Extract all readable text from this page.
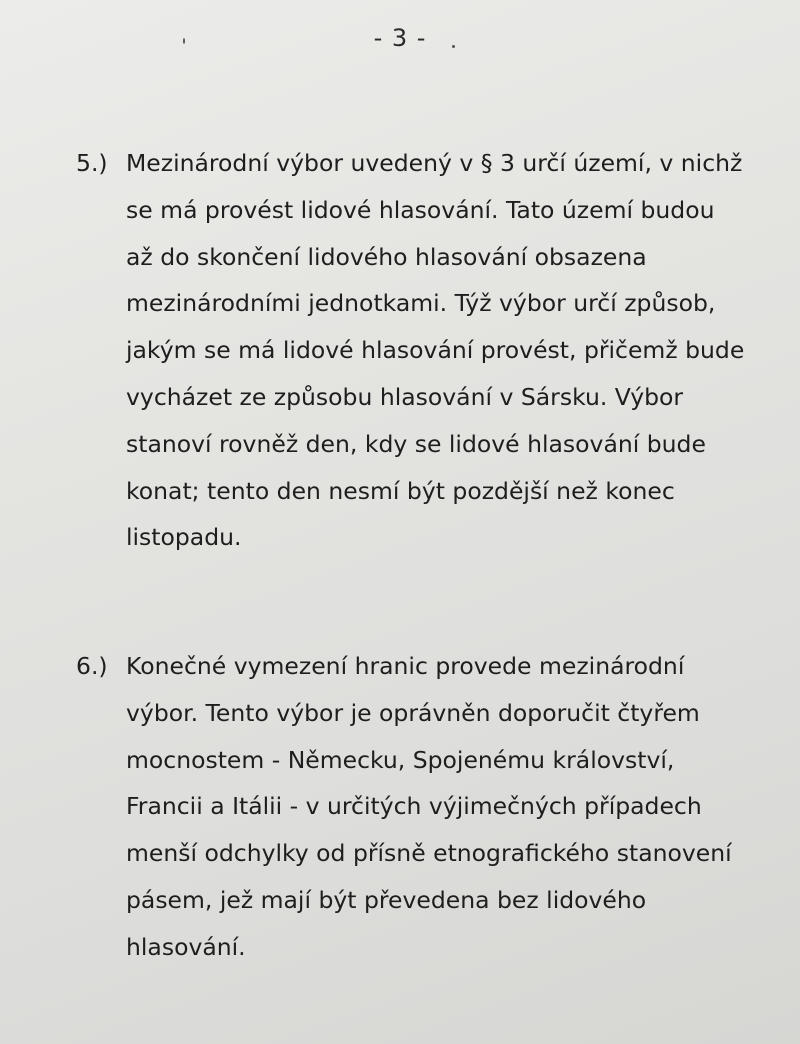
- 3 -
5.) Mezinárodní výbor uvedený v § 3 určí území, v nichž
se má provést lidové hlasování. Tato území budou
až do skončení lidového hlasování obsazena
mezinárodními jednotkami. Týž výbor určí způsob,
jakým se má lidové hlasování provést, přičemž bude
vycházet ze způsobu hlasování v Sársku. Výbor
stanoví rovněž den, kdy se lidové hlasování bude
konat; tento den nesmí být pozdější než konec
listopadu.
6.) Konečné vymezení hranic provede mezinárodní
výbor. Tento výbor je oprávněn doporučit čtyřem
mocnostem - Německu, Spojenému království,
Francii a Itálii - v určitých výjimečných případech
menší odchylky od přísně etnografického stanovení
pásem, jež mají být převedena bez lidového
hlasování.
